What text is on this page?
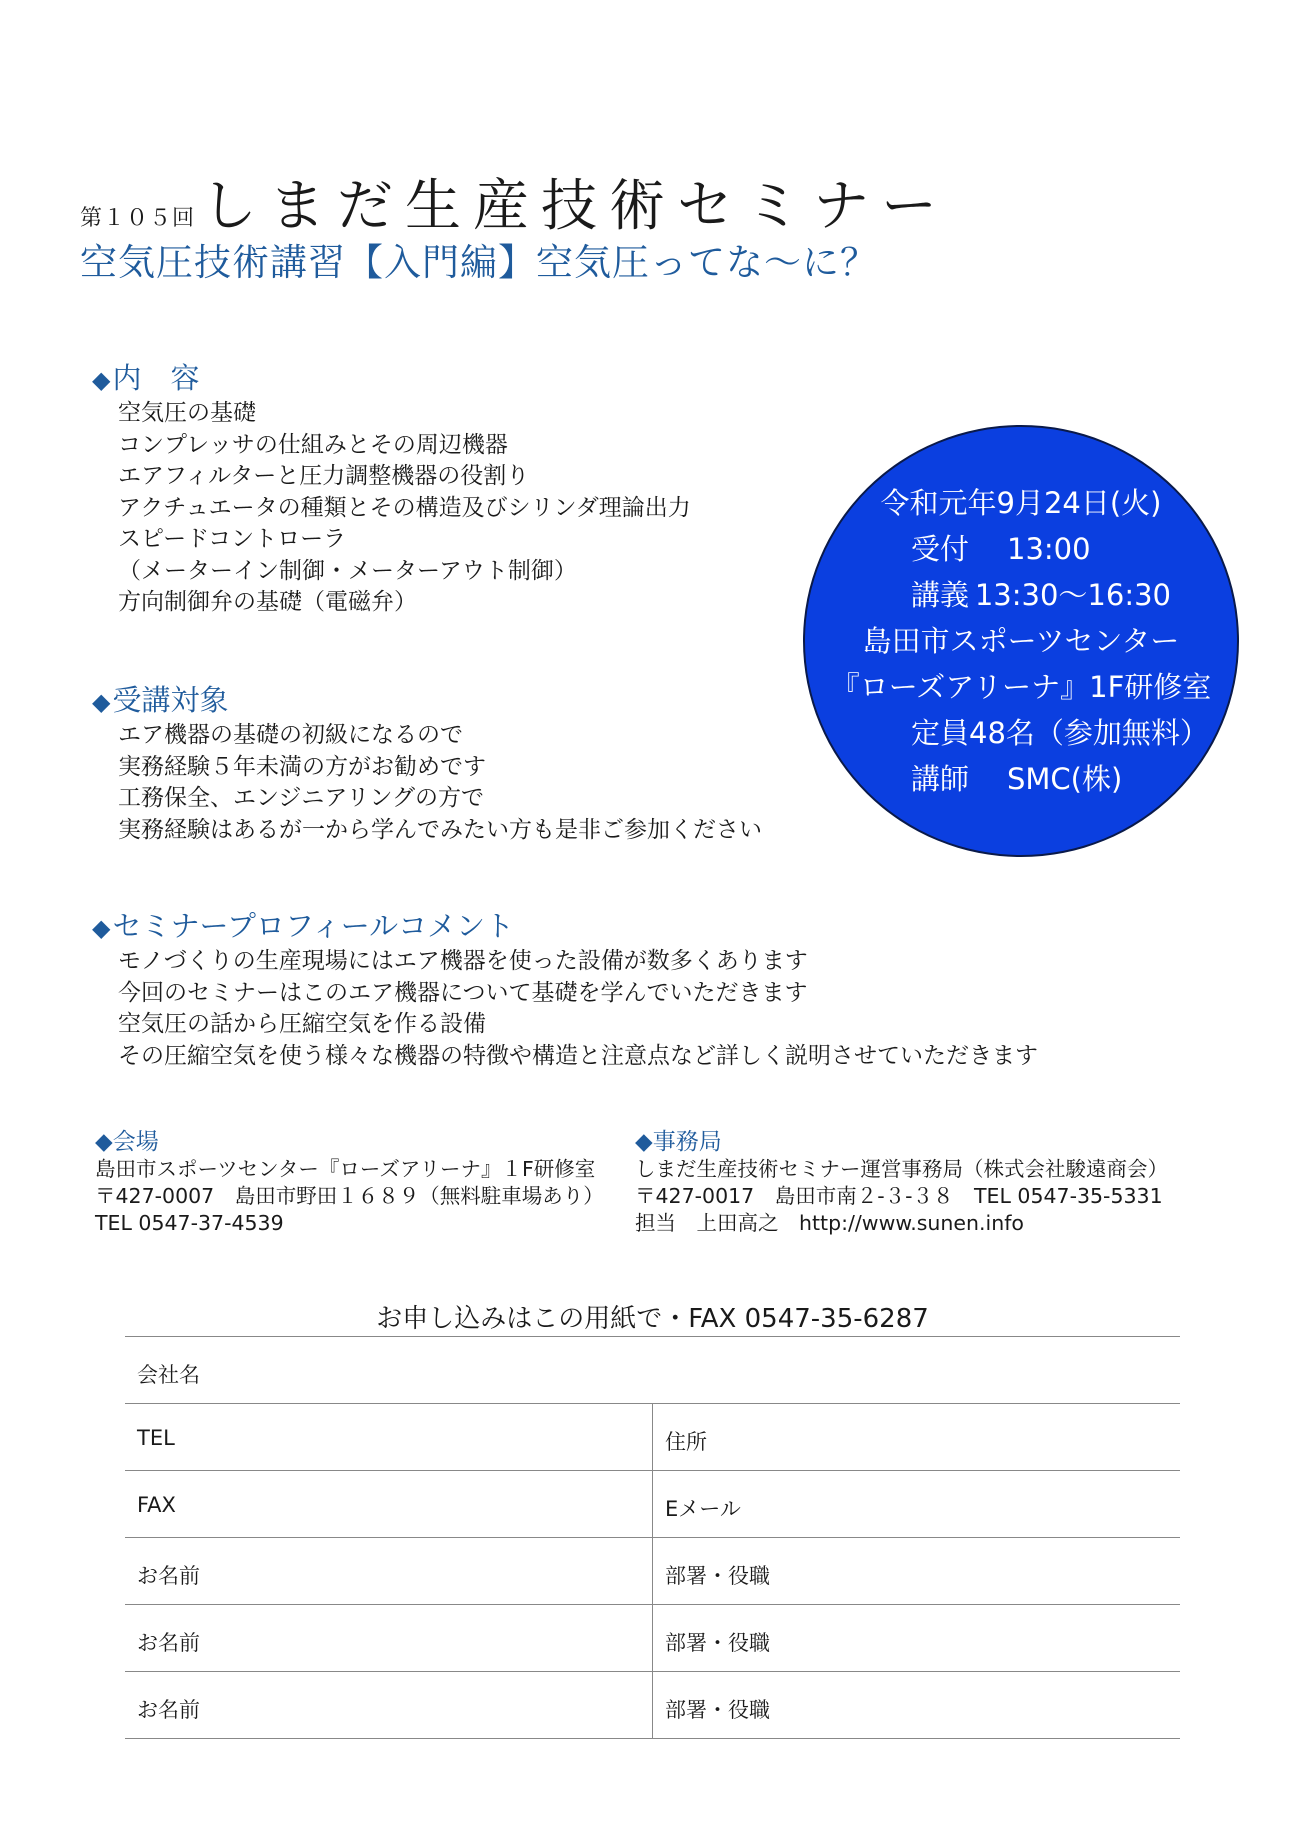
第１０５回 しまだ生産技術セミナー
空気圧技術講習【入門編】空気圧ってな〜に？
◆内　容
空気圧の基礎
コンプレッサの仕組みとその周辺機器
エアフィルターと圧力調整機器の役割り
アクチュエータの種類とその構造及びシリンダ理論出力
スピードコントローラ
（メーターイン制御・メーターアウト制御）
方向制御弁の基礎（電磁弁）
◆受講対象
エア機器の基礎の初級になるので
実務経験５年未満の方がお勧めです
工務保全、エンジニアリングの方で
実務経験はあるが一から学んでみたい方も是非ご参加ください
◆セミナープロフィールコメント
モノづくりの生産現場にはエア機器を使った設備が数多くあります
今回のセミナーはこのエア機器について基礎を学んでいただきます
空気圧の話から圧縮空気を作る設備
その圧縮空気を使う様々な機器の特徴や構造と注意点など詳しく説明させていただきます
令和元年9月24日(火)
受付	13:00
講義 13:30〜16:30
島田市スポーツセンター
『ローズアリーナ』1F研修室
定員 48名（参加無料）
講師	SMC(株)
◆会場
島田市スポーツセンター『ローズアリーナ』１F研修室
〒427-0007　島田市野田１６８９（無料駐車場あり）
TEL 0547-37-4539
◆事務局
しまだ生産技術セミナー運営事務局（株式会社駿遠商会）
〒427-0017　島田市南２-３-３８　TEL 0547-35-5331
担当　上田高之　http://www.sunen.info
お申し込みはこの用紙で・FAX 0547-35-6287
会社名
TEL	住所
FAX	Eメール
お名前	部署・役職
お名前	部署・役職
お名前	部署・役職
